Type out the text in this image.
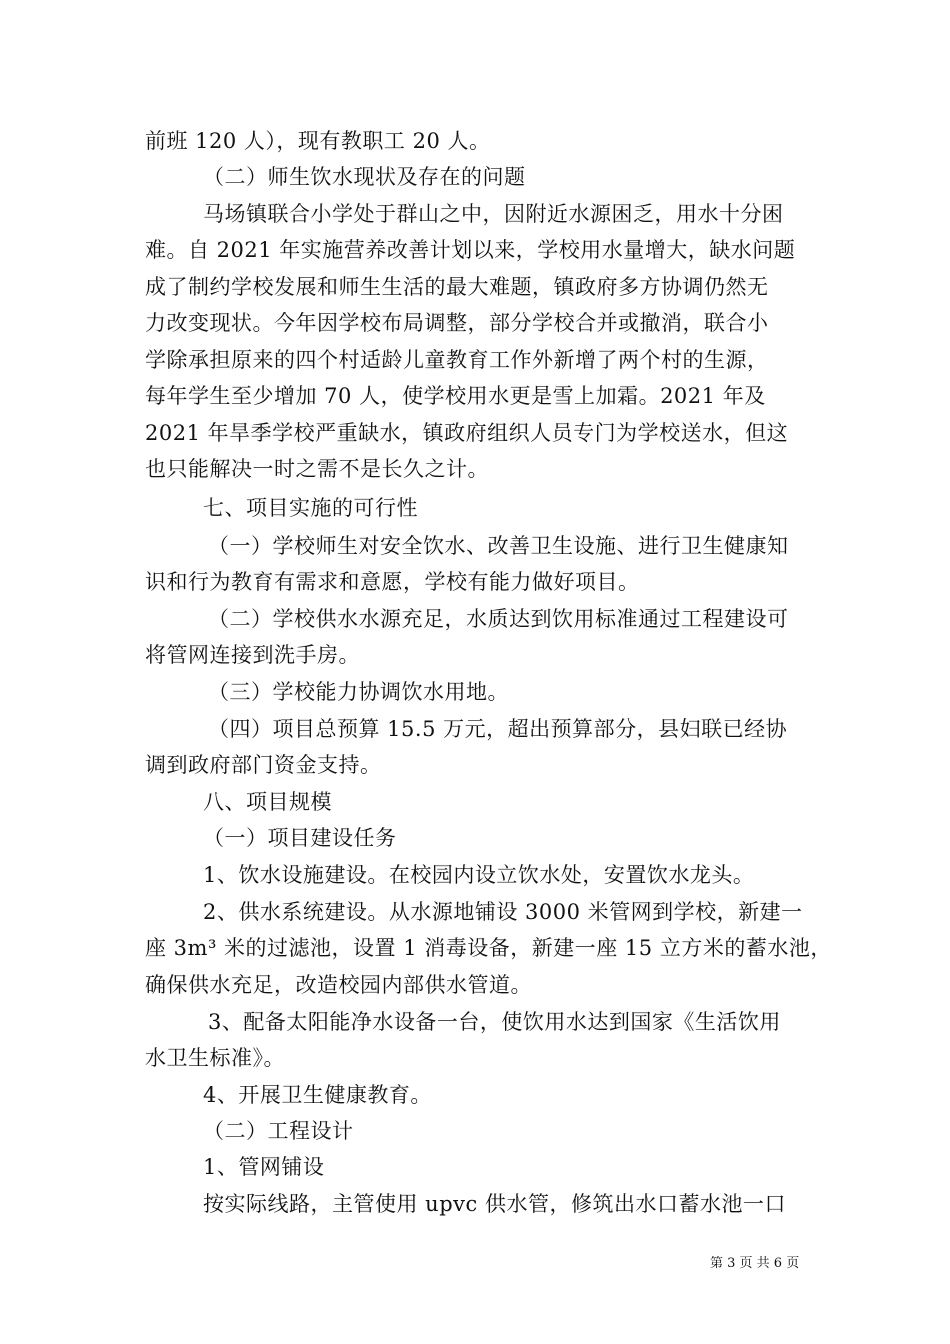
前班 120 人），现有教职工 20 人。
（二）师生饮水现状及存在的问题
马场镇联合小学处于群山之中，因附近水源困乏，用水十分困
难。自 2021 年实施营养改善计划以来，学校用水量增大，缺水问题
成了制约学校发展和师生生活的最大难题，镇政府多方协调仍然无
力改变现状。今年因学校布局调整，部分学校合并或撤消，联合小
学除承担原来的四个村适龄儿童教育工作外新增了两个村的生源，
每年学生至少增加 70 人，使学校用水更是雪上加霜。2021 年及
2021 年旱季学校严重缺水，镇政府组织人员专门为学校送水，但这
也只能解决一时之需不是长久之计。
七、项目实施的可行性
（一）学校师生对安全饮水、改善卫生设施、进行卫生健康知
识和行为教育有需求和意愿，学校有能力做好项目。
（二）学校供水水源充足，水质达到饮用标准通过工程建设可
将管网连接到洗手房。
（三）学校能力协调饮水用地。
（四）项目总预算 15.5 万元，超出预算部分，县妇联已经协
调到政府部门资金支持。
八、项目规模
（一）项目建设任务
1、饮水设施建设。在校园内设立饮水处，安置饮水龙头。
2、供水系统建设。从水源地铺设 3000 米管网到学校，新建一
座 3m³ 米的过滤池，设置 1 消毒设备，新建一座 15 立方米的蓄水池，
确保供水充足，改造校园内部供水管道。
3、配备太阳能净水设备一台，使饮用水达到国家《生活饮用
水卫生标准》。
4、开展卫生健康教育。
（二）工程设计
1、管网铺设
按实际线路，主管使用 upvc 供水管，修筑出水口蓄水池一口
第 3 页 共 6 页
